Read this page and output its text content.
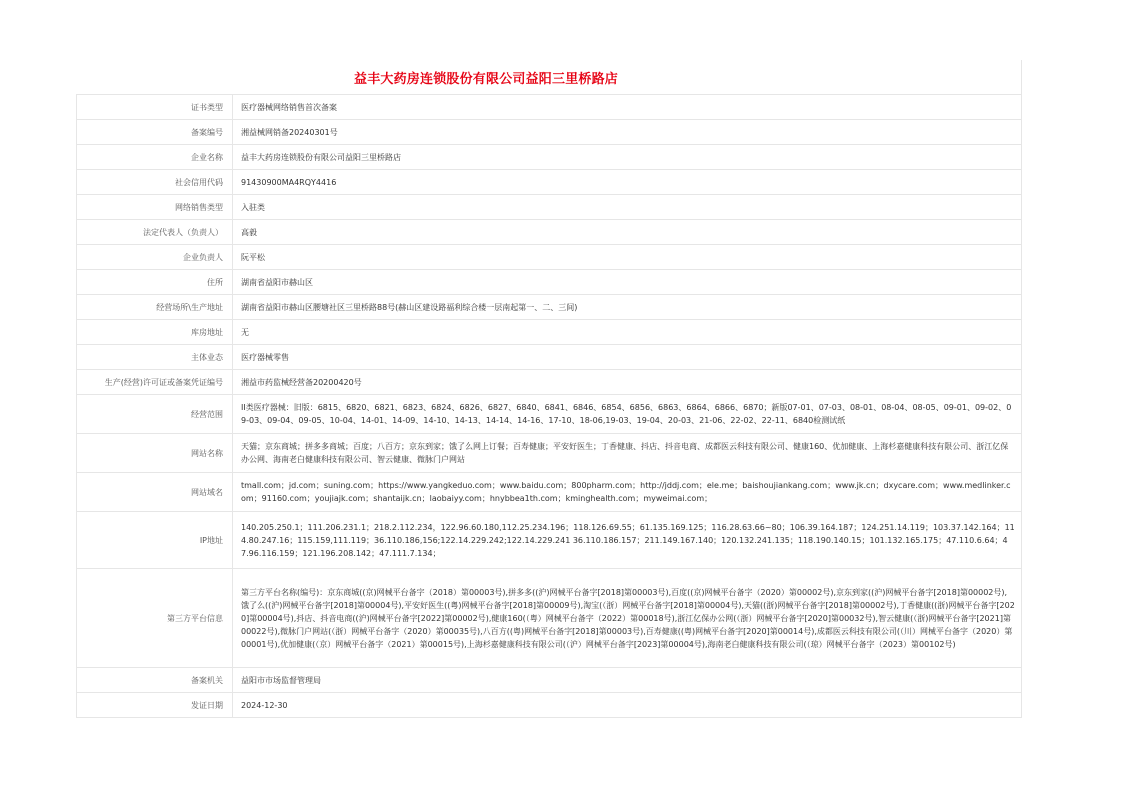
益丰大药房连锁股份有限公司益阳三里桥路店
证书类型	医疗器械网络销售首次备案
备案编号	湘益械网销备20240301号
企业名称	益丰大药房连锁股份有限公司益阳三里桥路店
社会信用代码	91430900MA4RQY4416
网络销售类型	入驻类
法定代表人（负责人）	高毅
企业负责人	阮平松
住所	湖南省益阳市赫山区
经营场所\生产地址	湖南省益阳市赫山区腰塘社区三里桥路88号(赫山区建设路福利综合楼一层南起第一、二、三间)
库房地址	无
主体业态	医疗器械零售
生产(经营)许可证或备案凭证编号	湘益市药监械经营备20200420号
经营范围	II类医疗器械：旧版：6815、6820、6821、6823、6824、6826、6827、6840、6841、6846、6854、6856、6863、6864、6866、6870；新版07-01、07-03、08-01、08-04、08-05、09-01、09-02、09-03、09-04、09-05、10-04、14-01、14-09、14-10、14-13、14-14、14-16、17-10、18-06,19-03、19-04、20-03、21-06、22-02、22-11、6840检测试纸
网站名称	天猫；京东商城；拼多多商城；百度；八百方；京东到家；饿了么网上订餐；百寿健康；平安好医生；丁香健康、抖店、抖音电商、成都医云科技有限公司、健康160、优加健康、上海杉嘉健康科技有限公司、浙江亿保办公网、海南老白健康科技有限公司、智云健康、微脉门户网站
网站域名	tmall.com；jd.com；suning.com；https://www.yangkeduo.com；www.baidu.com；800pharm.com；http://jddj.com；ele.me；baishoujiankang.com；www.jk.cn；dxycare.com；www.medlinker.com；91160.com；youjiajk.com；shantaijk.cn；laobaiyy.com；hnybbea1th.com；kminghealth.com；myweimai.com；
IP地址	140.205.250.1；111.206.231.1；218.2.112.234，122.96.60.180,112.25.234.196；118.126.69.55；61.135.169.125；116.28.63.66~80；106.39.164.187；124.251.14.119；103.37.142.164；114.80.247.16；115.159,111.119；36.110.186,156;122.14.229.242;122.14.229.241 36.110.186.157；211.149.167.140；120.132.241.135；118.190.140.15；101.132.165.175；47.110.6.64；47.96.116.159；121.196.208.142；47.111.7.134；
第三方平台信息	第三方平台名称(编号)：京东商城((京)网械平台备字（2018）第00003号),拼多多((沪)网械平台备字[2018]第00003号),百度((京)网械平台备字（2020）第00002号),京东到家((沪)网械平台备字[2018]第00002号),饿了么((沪)网械平台备字[2018]第00004号),平安好医生((粤)网械平台备字[2018]第00009号),淘宝(（浙）网械平台备字[2018]第00004号),天猫((浙)网械平台备字[2018]第00002号),丁香健康((浙)网械平台备字[2020]第00004号),抖店、抖音电商((沪)网械平台备字[2022]第00002号),健康160(（粤）网械平台备字（2022）第00018号),浙江亿保办公网(（浙）网械平台备字[2020]第00032号),智云健康(（浙)网械平台备字[2021]第00022号),微脉门户网站(（浙）网械平台备字（2020）第00035号),八百方((粤)网械平台备字[2018]第00003号),百寿健康((粤)网械平台备字[2020]第00014号),成都医云科技有限公司(（川）网械平台备字（2020）第00001号),优加健康(（京）网械平台备字（2021）第00015号),上海杉嘉健康科技有限公司(（沪）网械平台备字[2023]第00004号),海南老白健康科技有限公司(（琼）网械平台备字（2023）第00102号)
备案机关	益阳市市场监督管理局
发证日期	2024-12-30
